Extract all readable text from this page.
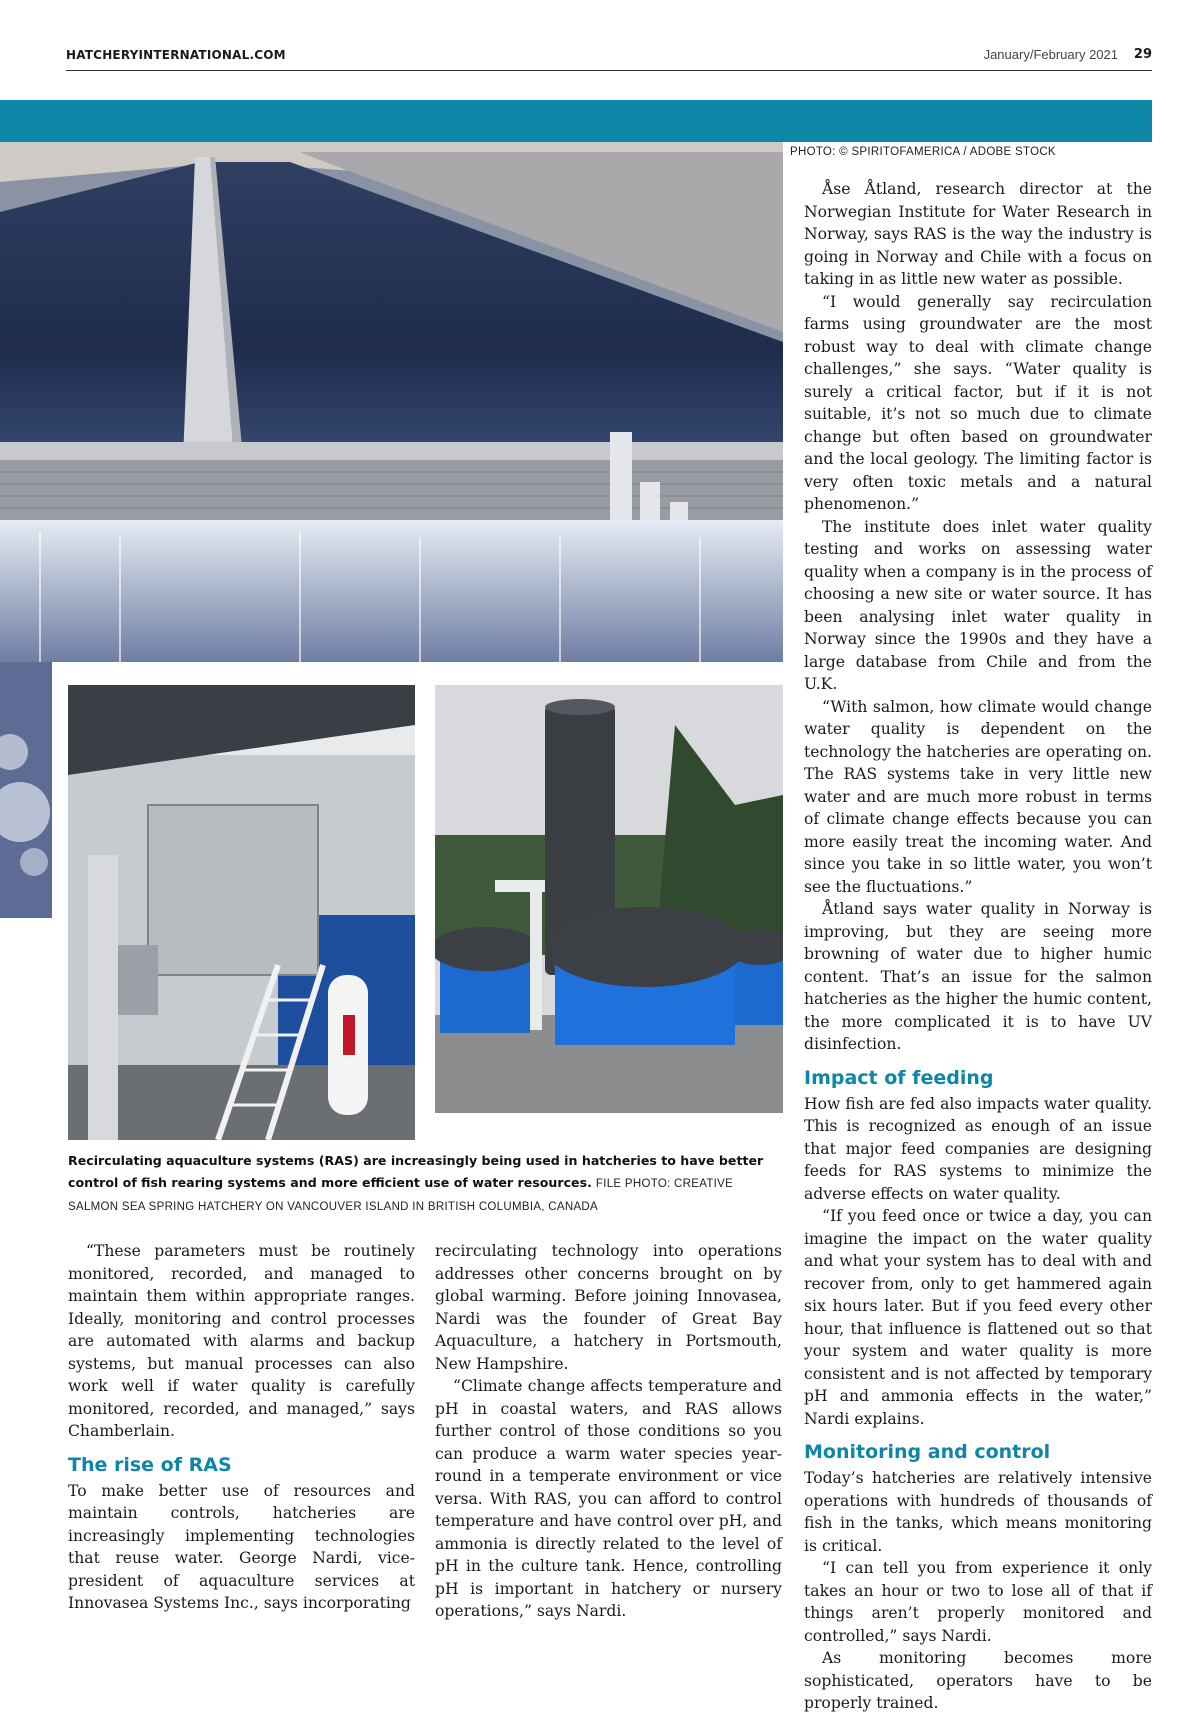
HATCHERYINTERNATIONAL.COM	January/February 2021 29
PHOTO: © SPIRITOFAMERICA / ADOBE STOCK
Recirculating aquaculture systems (RAS) are increasingly being used in hatcheries to have better control of fish rearing systems and more efficient use of water resources. FILE PHOTO: CREATIVE SALMON SEA SPRING HATCHERY ON VANCOUVER ISLAND IN BRITISH COLUMBIA, CANADA

“These parameters must be routinely monitored, recorded, and managed to maintain them within appropriate ranges. Ideally, monitoring and control processes are automated with alarms and backup systems, but manual processes can also work well if water quality is carefully monitored, recorded, and managed,” says Chamberlain.

The rise of RAS

To make better use of resources and maintain controls, hatcheries are increasingly implementing technologies that reuse water. George Nardi, vice-president of aquaculture services at Innovasea Systems Inc., says incorporating

recirculating technology into operations addresses other concerns brought on by global warming. Before joining Innovasea, Nardi was the founder of Great Bay Aquaculture, a hatchery in Portsmouth, New Hampshire.

“Climate change affects temperature and pH in coastal waters, and RAS allows further control of those conditions so you can produce a warm water species year-round in a temperate environment or vice versa. With RAS, you can afford to control temperature and have control over pH, and ammonia is directly related to the level of pH in the culture tank. Hence, controlling pH is important in hatchery or nursery operations,” says Nardi.

Åse Åtland, research director at the Norwegian Institute for Water Research in Norway, says RAS is the way the industry is going in Norway and Chile with a focus on taking in as little new water as possible.

“I would generally say recirculation farms using groundwater are the most robust way to deal with climate change challenges,” she says. “Water quality is surely a critical factor, but if it is not suitable, it’s not so much due to climate change but often based on groundwater and the local geology. The limiting factor is very often toxic metals and a natural phenomenon.”

The institute does inlet water quality testing and works on assessing water quality when a company is in the process of choosing a new site or water source. It has been analysing inlet water quality in Norway since the 1990s and they have a large database from Chile and from the U.K.

“With salmon, how climate would change water quality is dependent on the technology the hatcheries are operating on. The RAS systems take in very little new water and are much more robust in terms of climate change effects because you can more easily treat the incoming water. And since you take in so little water, you won’t see the fluctuations.”

Åtland says water quality in Norway is improving, but they are seeing more browning of water due to higher humic content. That’s an issue for the salmon hatcheries as the higher the humic content, the more complicated it is to have UV disinfection.

Impact of feeding

How fish are fed also impacts water quality. This is recognized as enough of an issue that major feed companies are designing feeds for RAS systems to minimize the adverse effects on water quality.

“If you feed once or twice a day, you can imagine the impact on the water quality and what your system has to deal with and recover from, only to get hammered again six hours later. But if you feed every other hour, that influence is flattened out so that your system and water quality is more consistent and is not affected by temporary pH and ammonia effects in the water,” Nardi explains.

Monitoring and control

Today’s hatcheries are relatively intensive operations with hundreds of thousands of fish in the tanks, which means monitoring is critical.

“I can tell you from experience it only takes an hour or two to lose all of that if things aren’t properly monitored and controlled,” says Nardi.

As monitoring becomes more sophisticated, operators have to be properly trained.
